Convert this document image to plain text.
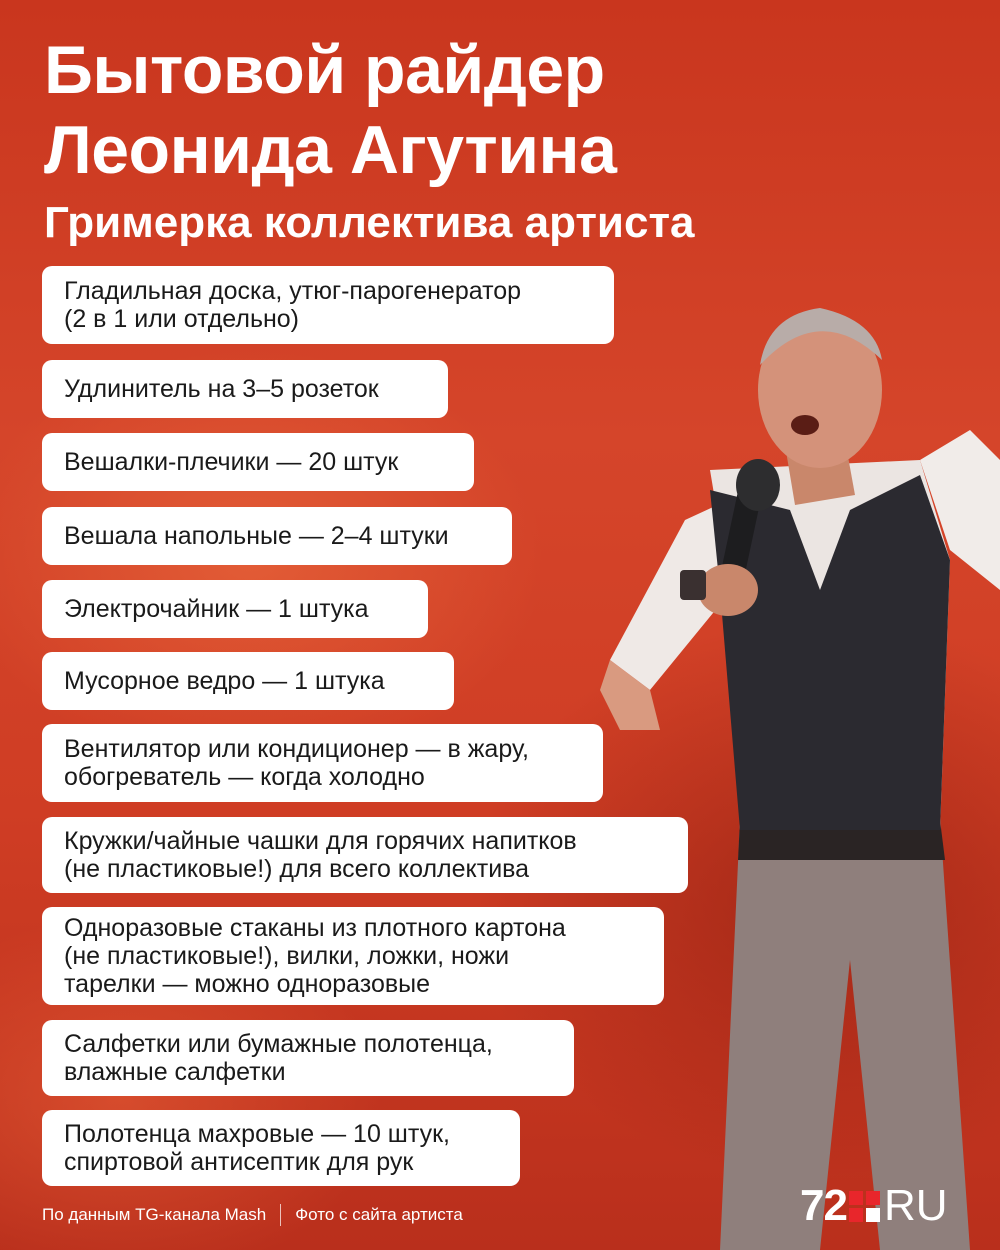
Бытовой райдер
Леонида Агутина
Гримерка коллектива артиста
Гладильная доска, утюг-парогенератор
(2 в 1 или отдельно)
Удлинитель на 3–5 розеток
Вешалки-плечики — 20 штук
Вешала напольные — 2–4 штуки
Электрочайник — 1 штука
Мусорное ведро — 1 штука
Вентилятор или кондиционер — в жару,
обогреватель — когда холодно
Кружки/чайные чашки для горячих напитков
(не пластиковые!) для всего коллектива
Одноразовые стаканы из плотного картона
(не пластиковые!), вилки, ложки, ножи
тарелки — можно одноразовые
Салфетки или бумажные полотенца,
влажные салфетки
Полотенца махровые — 10 штук,
спиртовой антисептик для рук
По данным TG-канала Mash Фото с сайта артиста	72 RU
